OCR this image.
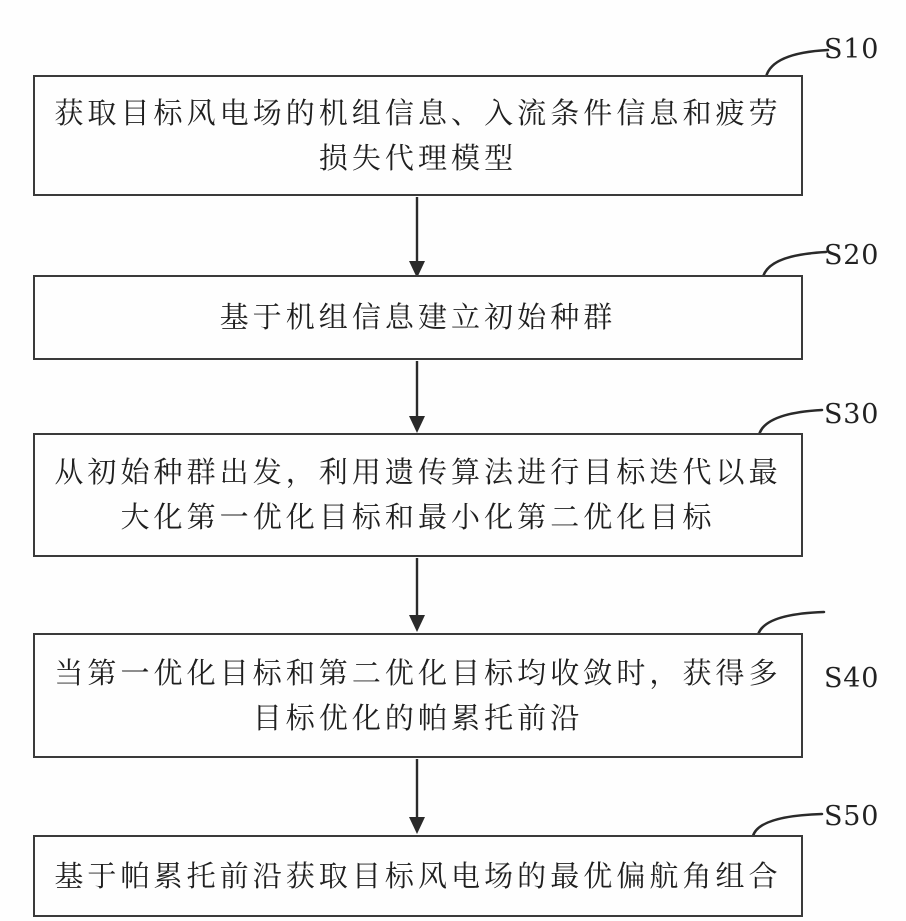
获取目标风电场的机组信息、入流条件信息和疲劳损失代理模型
基于机组信息建立初始种群
从初始种群出发，利用遗传算法进行目标迭代以最大化第一优化目标和最小化第二优化目标
当第一优化目标和第二优化目标均收敛时，获得多目标优化的帕累托前沿
基于帕累托前沿获取目标风电场的最优偏航角组合
S10
S20
S30
S40
S50
